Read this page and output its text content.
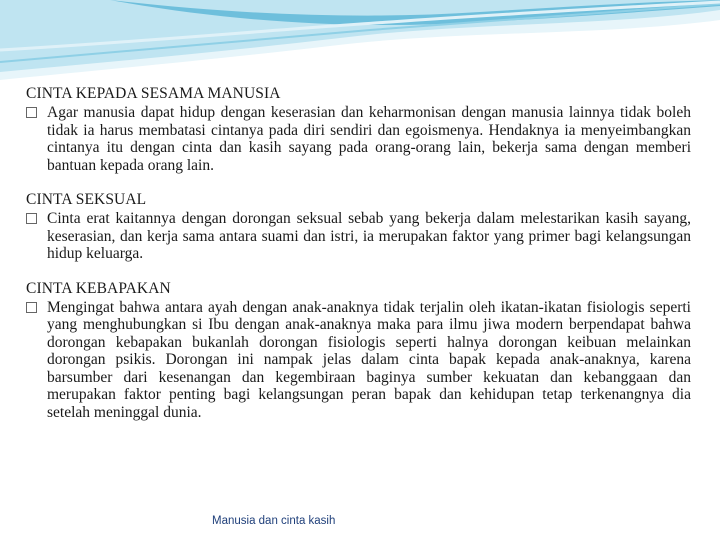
CINTA KEPADA SESAMA MANUSIA

Agar manusia dapat hidup dengan keserasian dan keharmonisan dengan manusia lainnya tidak boleh tidak ia harus membatasi cintanya pada diri sendiri dan egoismenya. Hendaknya ia menyeimbangkan cintanya itu dengan cinta dan kasih sayang pada orang-orang lain, bekerja sama dengan memberi bantuan kepada orang lain.

CINTA SEKSUAL

Cinta erat kaitannya dengan dorongan seksual sebab yang bekerja dalam melestarikan kasih sayang, keserasian, dan kerja sama antara suami dan istri, ia merupakan faktor yang primer bagi kelangsungan hidup keluarga.

CINTA KEBAPAKAN

Mengingat bahwa antara ayah dengan anak-anaknya tidak terjalin oleh ikatan-ikatan fisiologis seperti yang menghubungkan si Ibu dengan anak-anaknya maka para ilmu jiwa modern berpendapat bahwa dorongan kebapakan bukanlah dorongan fisiologis seperti halnya dorongan keibuan melainkan dorongan psikis. Dorongan ini nampak jelas dalam cinta bapak kepada anak-anaknya, karena barsumber dari kesenangan dan kegembiraan baginya sumber kekuatan dan kebanggaan dan merupakan faktor penting bagi kelangsungan peran bapak dan kehidupan tetap terkenangnya dia setelah meninggal dunia.

Manusia dan cinta kasih
